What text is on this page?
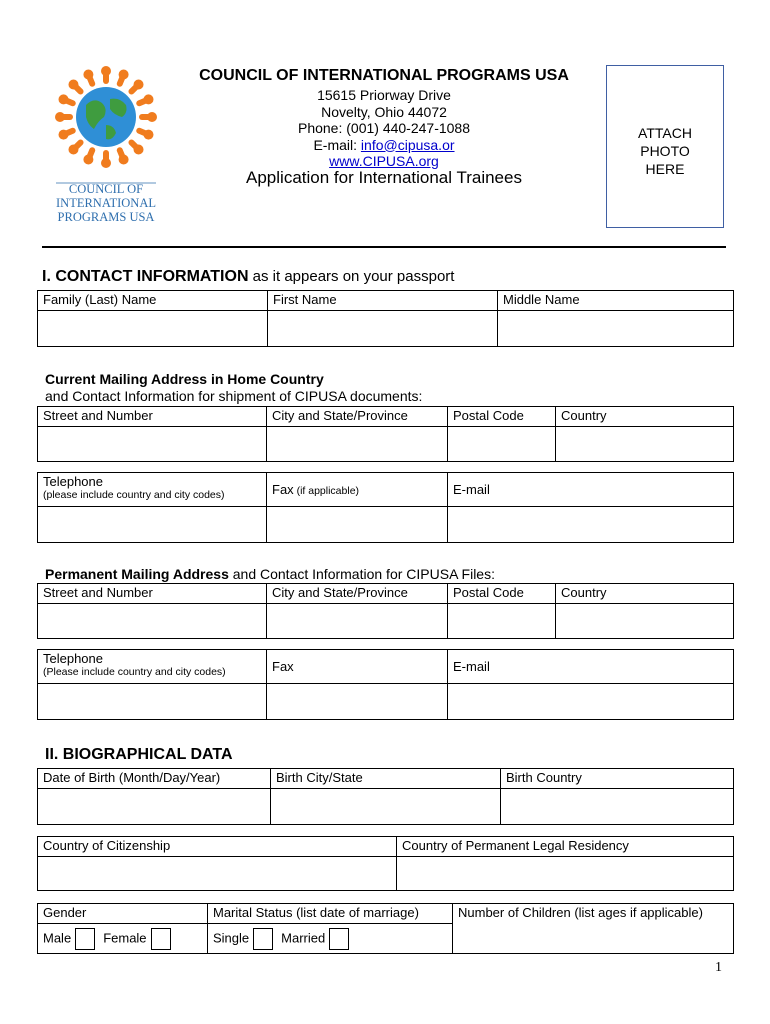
COUNCIL OF
INTERNATIONAL
PROGRAMS USA
COUNCIL OF INTERNATIONAL PROGRAMS USA
15615 Priorway Drive
Novelty, Ohio 44072
Phone: (001) 440-247-1088
E-mail: info@cipusa.or
www.CIPUSA.org
Application for International Trainees
ATTACH
PHOTO
HERE
I. CONTACT INFORMATION as it appears on your passport
Family (Last) Name	First Name	Middle Name

Current Mailing Address in Home Country
and Contact Information for shipment of CIPUSA documents:
Street and Number	City and State/Province	Postal Code	Country

Telephone
(please include country and city codes)	Fax (if applicable)	E-mail

Permanent Mailing Address and Contact Information for CIPUSA Files:
Street and Number	City and State/Province	Postal Code	Country

Telephone
(Please include country and city codes)	Fax	E-mail

II. BIOGRAPHICAL DATA
Date of Birth (Month/Day/Year)	Birth City/State	Birth Country

Country of Citizenship	Country of Permanent Legal Residency

Gender	Marital Status (list date of marriage)	Number of Children (list ages if applicable)
Male Female	Single Married	
1
